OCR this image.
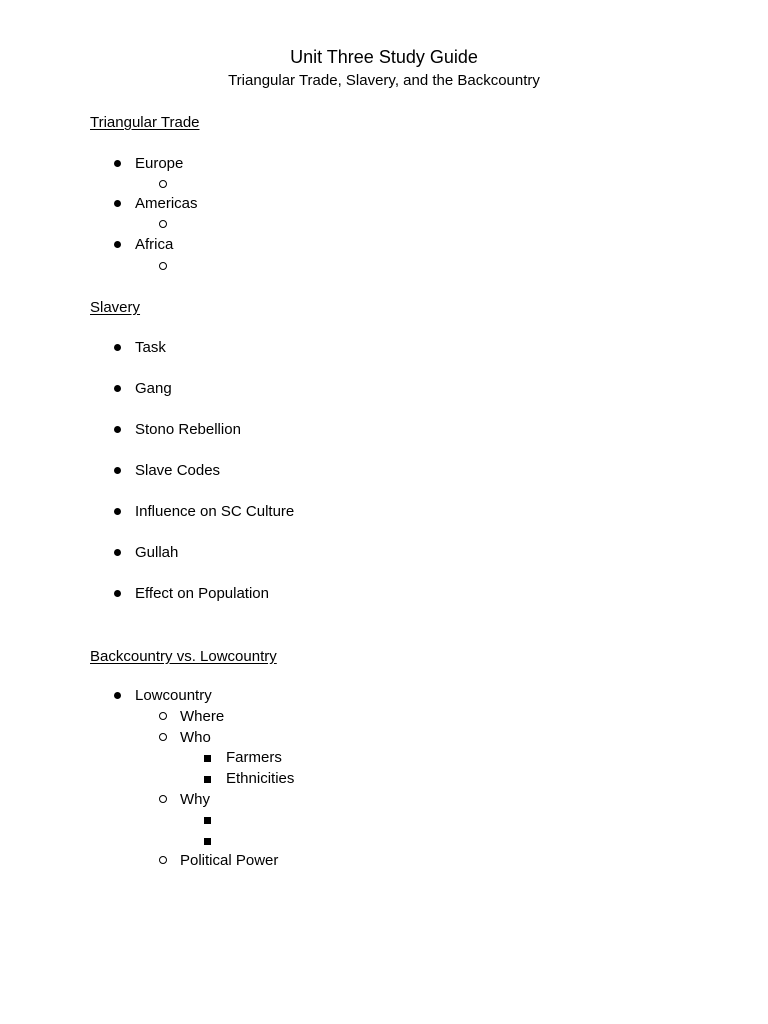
Unit Three Study Guide
Triangular Trade, Slavery, and the Backcountry
Triangular Trade
Europe
Americas
Africa
Slavery
Task
Gang
Stono Rebellion
Slave Codes
Influence on SC Culture
Gullah
Effect on Population
Backcountry vs. Lowcountry
Lowcountry
Where
Who
Farmers
Ethnicities
Why
Political Power
